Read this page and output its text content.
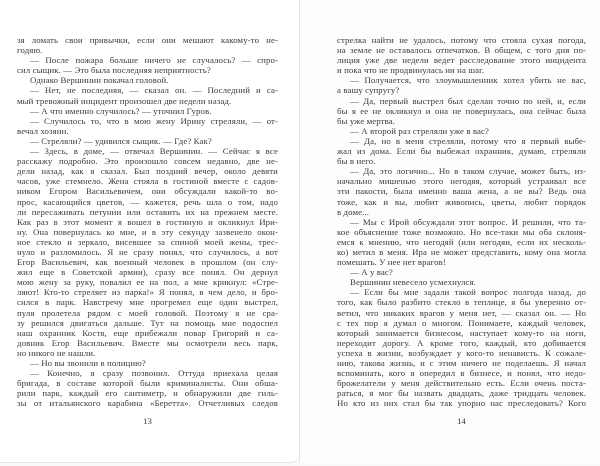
зя ломать свои привычки, если они мешают какому-то не-
годяю.
— После пожара больше ничего не случалось? — спро-
сил сыщик. — Это была последняя неприятность?
Однако Вершинин покачал головой.
— Нет, не последняя, — сказал он. — Последний и са-
мый тревожный инцидент произошел две недели назад.
— А что именно случилось? — уточнил Гуров.
— Случилось то, что в мою жену Ирину стреляли, — от-
вечал хозяин.
— Стреляли? — удивился сыщик. — Где? Как?
— Здесь, в доме, — отвечал Вершинин. — Сейчас я все
расскажу подробно. Это произошло совсем недавно, две не-
дели назад, как я сказал. Был поздний вечер, около девяти
часов, уже стемнело. Жена стояла в гостиной вместе с садов-
ником Егором Васильевичем, они обсуждали какой-то во-
прос, касающийся цветов, — кажется, речь шла о том, надо
ли пересаживать петунии или оставить их на прежнем месте.
Как раз в этот момент я вошел в гостиную и окликнул Ири-
ну. Она повернулась ко мне, и в эту секунду зазвенело окон-
ное стекло и зеркало, висевшее за спиной моей жены, трес-
нуло и разломилось. Я не сразу понял, что случилось, а вот
Егор Васильевич, как военный человек в прошлом (он слу-
жил еще в Советской армии), сразу все понял. Он дернул
мою жену за руку, повалил ее на пол, а мне крикнул: «Стре-
ляют! Кто-то стреляет из парка!» Я понял, в чем дело, и бро-
сился в парк. Навстречу мне прогремел еще один выстрел,
пуля пролетела рядом с моей головой. Поэтому я не сра-
зу решился двигаться дальше. Тут на помощь мне подоспел
наш охранник Костя, еще прибежали повар Григорий и са-
довник Егор Васильевич. Вместе мы осмотрели весь парк,
но никого не нашли.
— Но вы звонили в полицию?
— Конечно, я сразу позвонил. Оттуда приехала целая
бригада, в составе которой были криминалисты. Они обша-
рили парк, каждый его сантиметр, и обнаружили две гиль-
зы от итальянского карабина «Беретта». Отчетливых следов
13
стрелка найти не удалось, потому что стояла сухая погода,
на земле не оставалось отпечатков. В общем, с того дня по-
лиция уже две недели ведет расследование этого инцидента
и пока что не продвинулась ни на шаг.
— Получается, что злоумышленник хотел убить не вас,
а вашу супругу?
— Да, первый выстрел был сделан точно по ней, и, если
бы я ее не окликнул и она не повернулась, она сейчас была
бы уже мертва.
— А второй раз стреляли уже в вас?
— Да, но в меня стреляли, потому что я первый выбе-
жал из дома. Если бы выбежал охранник, думаю, стреляли
бы в него.
— Да, это логично... Но в таком случае, может быть, из-
начально мишенью этого негодяя, который устраивал все
эти пакости, была именно ваша жена, а не вы? Ведь она
тоже, как и вы, любит живопись, цветы, любит порядок
в доме...
— Мы с Ирой обсуждали этот вопрос. И решили, что та-
кое объяснение тоже возможно. Но все-таки мы оба склоня-
емся к мнению, что негодяй (или негодяи, если их несколь-
ко) метил в меня. Ира не может представить, кому она могла
помешать. У нее нет врагов!
— А у вас?
Вершинин невесело усмехнулся.
— Если бы мне задали такой вопрос полгода назад, до
того, как было разбито стекло в теплице, я бы уверенно от-
ветил, что никаких врагов у меня нет, — сказал он. — Но
с тех пор я думал о многом. Понимаете, каждый человек,
который занимается бизнесом, наступает кому-то на ноги,
переходит дорогу. А кроме того, каждый, кто добивается
успеха в жизни, возбуждает у кого-то ненависть. К сожале-
нию, такова жизнь, и с этим ничего не поделаешь. Я начал
вспоминать, кого я опередил в бизнесе, и понял, что недо-
брожелатели у меня действительно есть. Если очень поста-
раться, я мог бы назвать двадцать, даже тридцать человек.
Но кто из них стал бы так упорно нас преследовать? Кого
14
